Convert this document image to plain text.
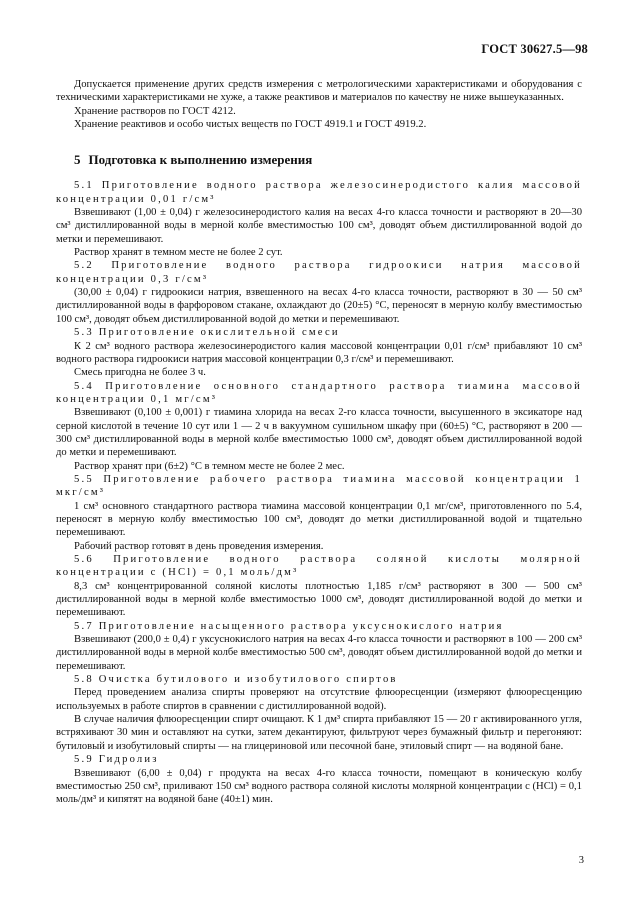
ГОСТ 30627.5—98

Допускается применение других средств измерения с метрологическими характеристиками и оборудования с техническими характеристиками не хуже, а также реактивов и материалов по качеству не ниже вышеуказанных.

Хранение растворов по ГОСТ 4212.

Хранение реактивов и особо чистых веществ по ГОСТ 4919.1 и ГОСТ 4919.2.

5 Подготовка к выполнению измерения

5.1 Приготовление водного раствора железосинеродистого калия массовой концентрации 0,01 г/см³

Взвешивают (1,00 ± 0,04) г железосинеродистого калия на весах 4-го класса точности и растворяют в 20—30 см³ дистиллированной воды в мерной колбе вместимостью 100 см³, доводят объем дистиллированной водой до метки и перемешивают.

Раствор хранят в темном месте не более 2 сут.

5.2 Приготовление водного раствора гидроокиси натрия массовой концентрации 0,3 г/см³

(30,00 ± 0,04) г гидроокиси натрия, взвешенного на весах 4-го класса точности, растворяют в 30 — 50 см³ дистиллированной воды в фарфоровом стакане, охлаждают до (20±5) °С, переносят в мерную колбу вместимостью 100 см³, доводят объем дистиллированной водой до метки и перемешивают.

5.3 Приготовление окислительной смеси

К 2 см³ водного раствора железосинеродистого калия массовой концентрации 0,01 г/см³ прибавляют 10 см³ водного раствора гидроокиси натрия массовой концентрации 0,3 г/см³ и перемешивают.

Смесь пригодна не более 3 ч.

5.4 Приготовление основного стандартного раствора тиамина массовой концентрации 0,1 мг/см³

Взвешивают (0,100 ± 0,001) г тиамина хлорида на весах 2-го класса точности, высушенного в эксикаторе над серной кислотой в течение 10 сут или 1 — 2 ч в вакуумном сушильном шкафу при (60±5) °С, растворяют в 200 — 300 см³ дистиллированной воды в мерной колбе вместимостью 1000 см³, доводят объем дистиллированной водой до метки и перемешивают.

Раствор хранят при (6±2) °С в темном месте не более 2 мес.

5.5 Приготовление рабочего раствора тиамина массовой концентрации 1 мкг/см³

1 см³ основного стандартного раствора тиамина массовой концентрации 0,1 мг/см³, приготовленного по 5.4, переносят в мерную колбу вместимостью 100 см³, доводят до метки дистиллированной водой и тщательно перемешивают.

Рабочий раствор готовят в день проведения измерения.

5.6 Приготовление водного раствора соляной кислоты молярной концентрации с (HCl) = 0,1 моль/дм³

8,3 см³ концентрированной соляной кислоты плотностью 1,185 г/см³ растворяют в 300 — 500 см³ дистиллированной воды в мерной колбе вместимостью 1000 см³, доводят дистиллированной водой до метки и перемешивают.

5.7 Приготовление насыщенного раствора уксуснокислого натрия

Взвешивают (200,0 ± 0,4) г уксуснокислого натрия на весах 4-го класса точности и растворяют в 100 — 200 см³ дистиллированной воды в мерной колбе вместимостью 500 см³, доводят объем дистиллированной водой до метки и перемешивают.

5.8 Очистка бутилового и изобутилового спиртов

Перед проведением анализа спирты проверяют на отсутствие флюоресценции (измеряют флюоресценцию используемых в работе спиртов в сравнении с дистиллированной водой).

В случае наличия флюоресценции спирт очищают. К 1 дм³ спирта прибавляют 15 — 20 г активированного угля, встряхивают 30 мин и оставляют на сутки, затем декантируют, фильтруют через бумажный фильтр и перегоняют: бутиловый и изобутиловый спирты — на глицериновой или песочной бане, этиловый спирт — на водяной бане.

5.9 Гидролиз

Взвешивают (6,00 ± 0,04) г продукта на весах 4-го класса точности, помещают в коническую колбу вместимостью 250 см³, приливают 150 см³ водного раствора соляной кислоты молярной концентрации с (HCl) = 0,1 моль/дм³ и кипятят на водяной бане (40±1) мин.

3
